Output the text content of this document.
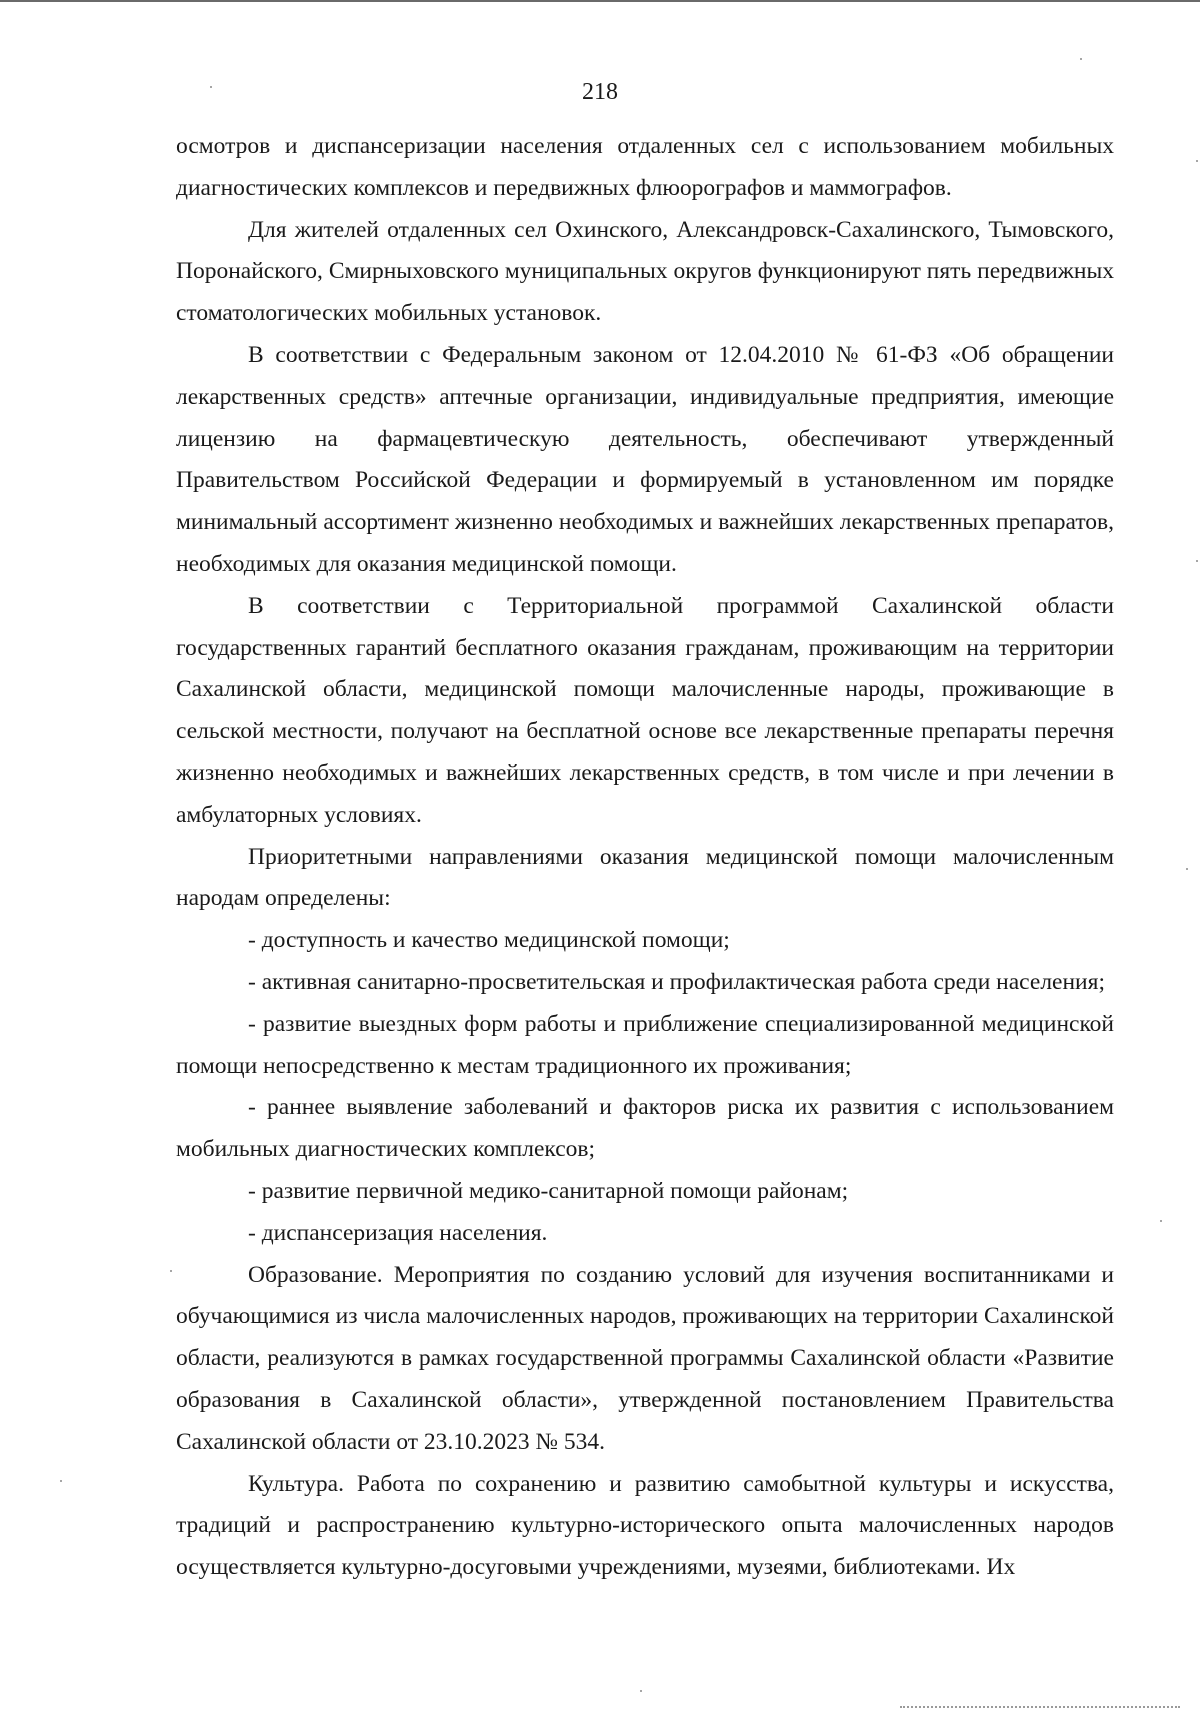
218

осмотров и диспансеризации населения отдаленных сел с использованием мобильных диагностических комплексов и передвижных флюорографов и маммографов.

Для жителей отдаленных сел Охинского, Александровск-Сахалинского, Тымовского, Поронайского, Смирныховского муниципальных округов функционируют пять передвижных стоматологических мобильных установок.

В соответствии с Федеральным законом от 12.04.2010 № 61-ФЗ «Об обращении лекарственных средств» аптечные организации, индивидуальные предприятия, имеющие лицензию на фармацевтическую деятельность, обеспечивают утвержденный Правительством Российской Федерации и формируемый в установленном им порядке минимальный ассортимент жизненно необходимых и важнейших лекарственных препаратов, необходимых для оказания медицинской помощи.

В соответствии с Территориальной программой Сахалинской области государственных гарантий бесплатного оказания гражданам, проживающим на территории Сахалинской области, медицинской помощи малочисленные народы, проживающие в сельской местности, получают на бесплатной основе все лекарственные препараты перечня жизненно необходимых и важнейших лекарственных средств, в том числе и при лечении в амбулаторных условиях.

Приоритетными направлениями оказания медицинской помощи малочисленным народам определены:

- доступность и качество медицинской помощи;

- активная санитарно-просветительская и профилактическая работа среди населения;

- развитие выездных форм работы и приближение специализированной медицинской помощи непосредственно к местам традиционного их проживания;

- раннее выявление заболеваний и факторов риска их развития с использованием мобильных диагностических комплексов;

- развитие первичной медико-санитарной помощи районам;

- диспансеризация населения.

Образование. Мероприятия по созданию условий для изучения воспитанниками и обучающимися из числа малочисленных народов, проживающих на территории Сахалинской области, реализуются в рамках государственной программы Сахалинской области «Развитие образования в Сахалинской области», утвержденной постановлением Правительства Сахалинской области от 23.10.2023 № 534.

Культура. Работа по сохранению и развитию самобытной культуры и искусства, традиций и распространению культурно-исторического опыта малочисленных народов осуществляется культурно-досуговыми учреждениями, музеями, библиотеками. Их
